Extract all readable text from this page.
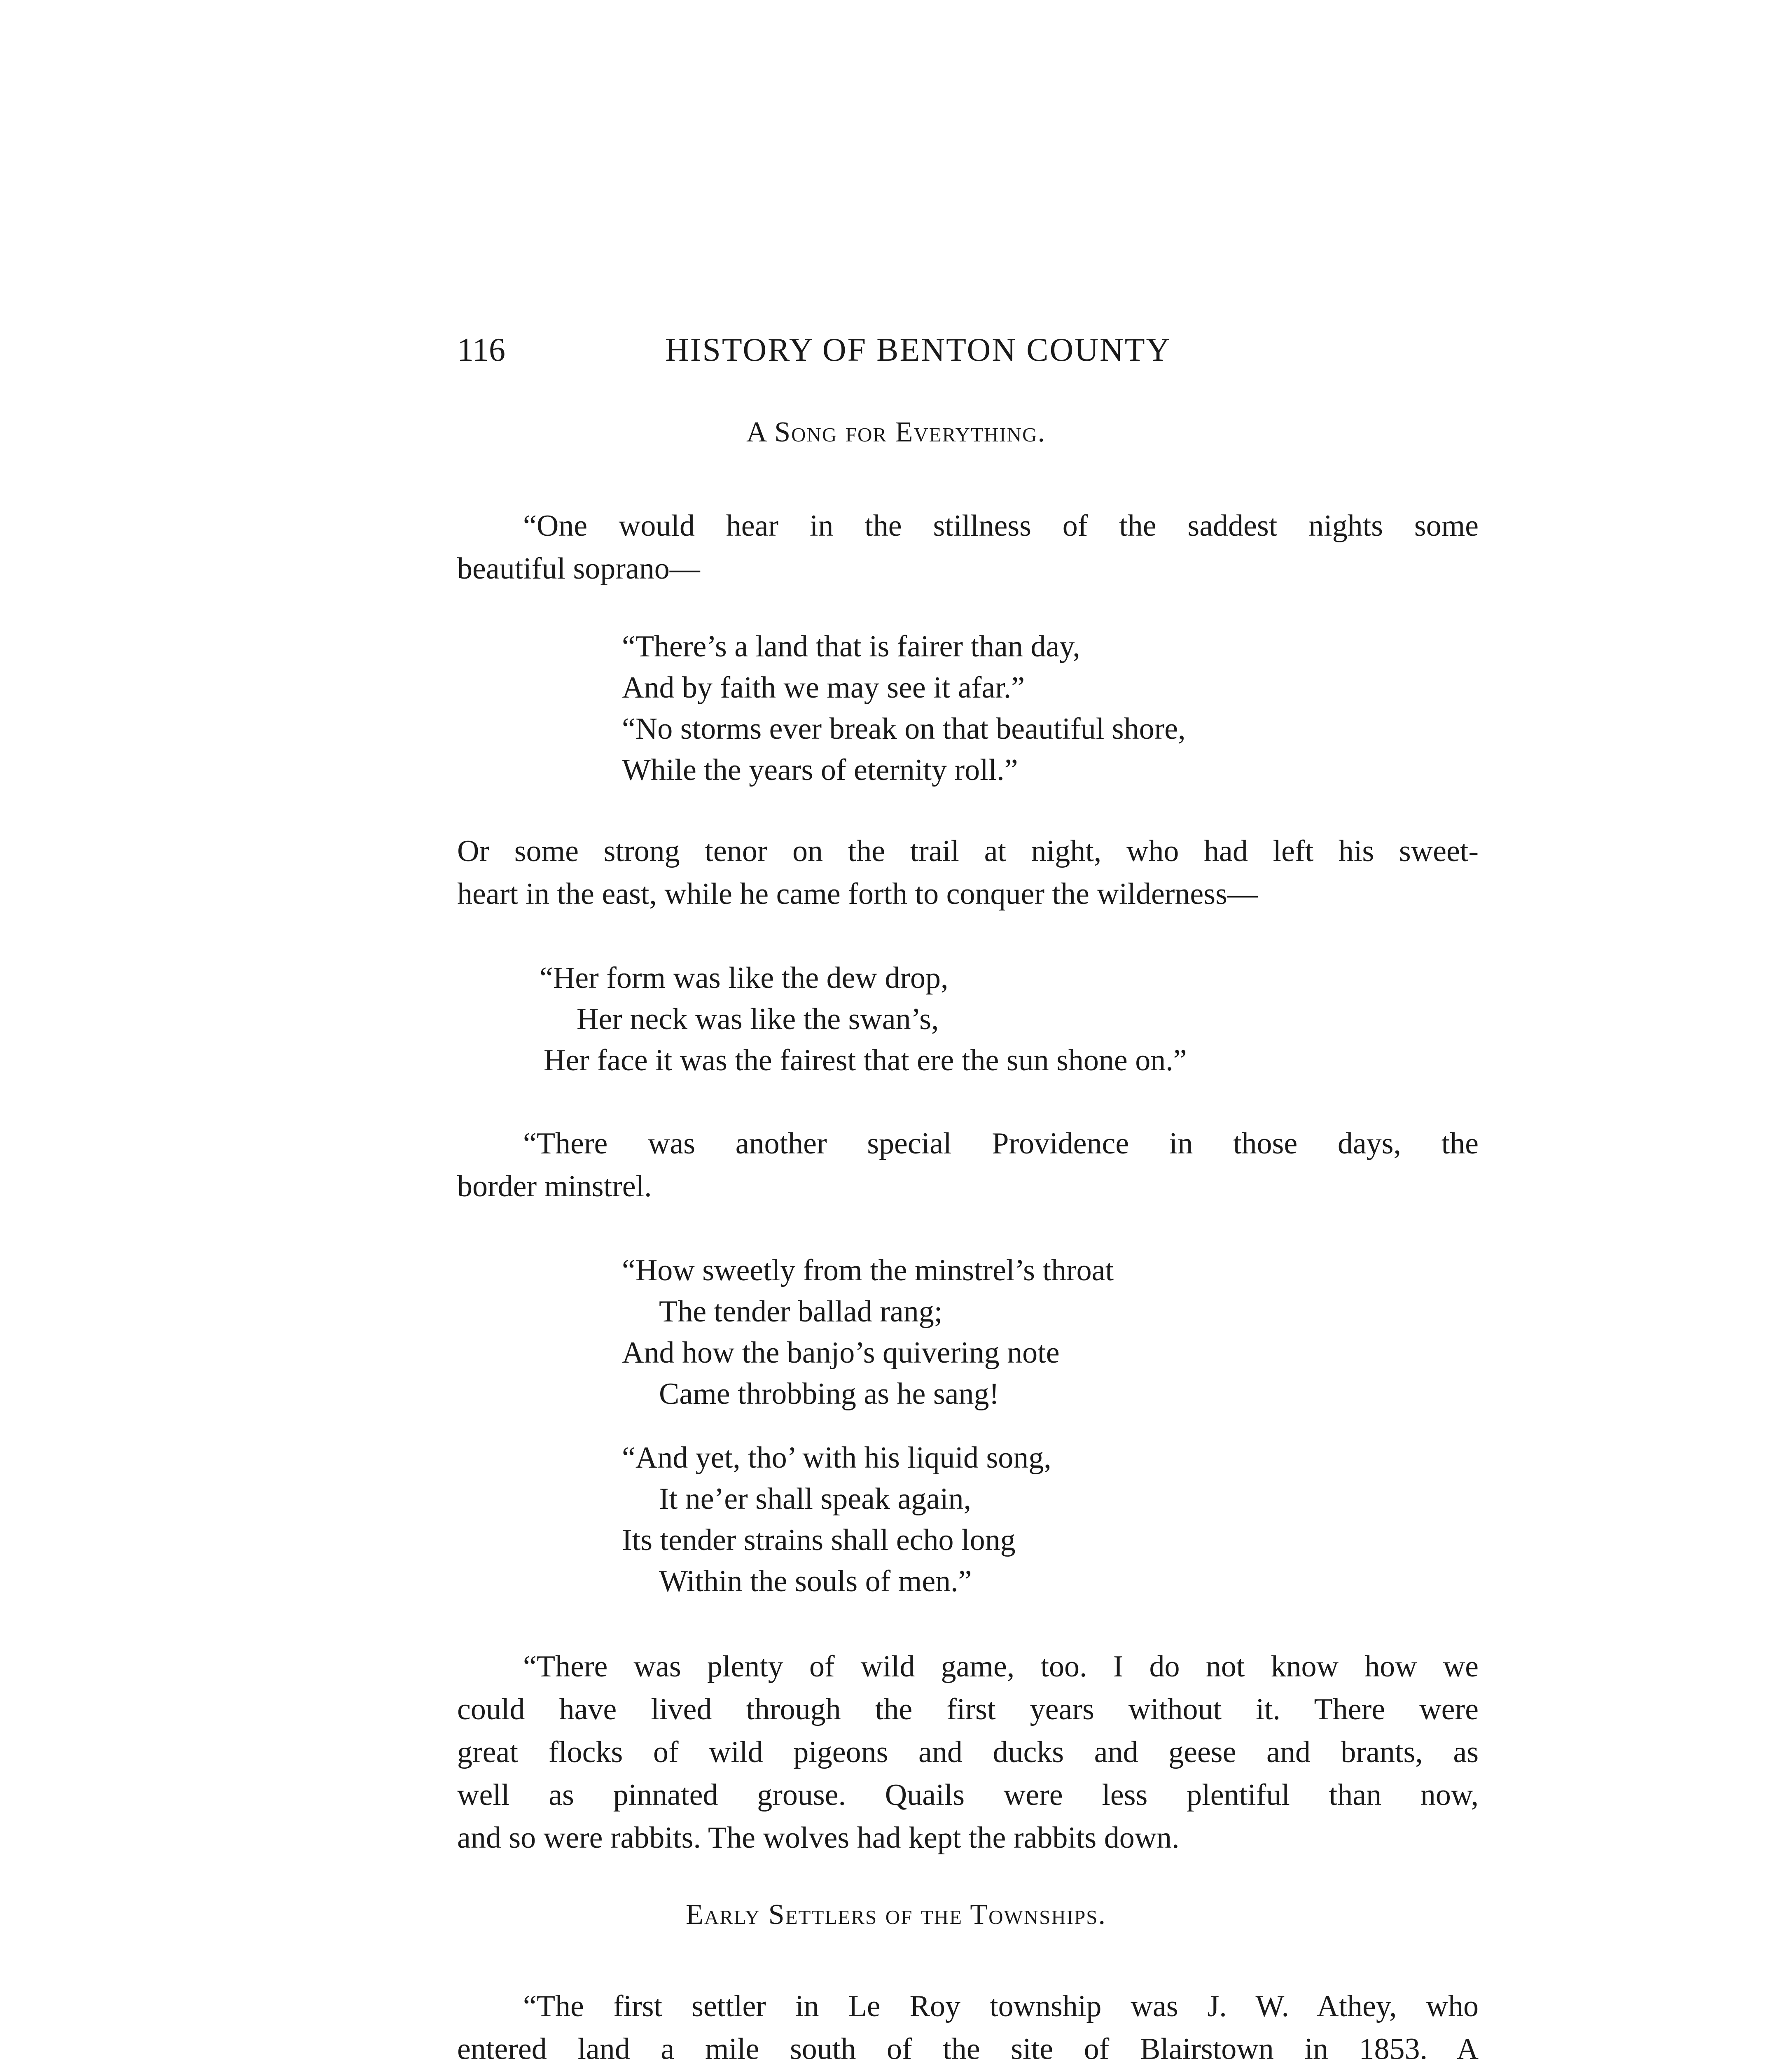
116	HISTORY OF BENTON COUNTY
A Song for Everything.
“One would hear in the stillness of the saddest nights some
beautiful soprano—
“There’s a land that is fairer than day,
And by faith we may see it afar.”
“No storms ever break on that beautiful shore,
While the years of eternity roll.”
Or some strong tenor on the trail at night, who had left his sweet-
heart in the east, while he came forth to conquer the wilderness—
“Her form was like the dew drop,
Her neck was like the swan’s,
Her face it was the fairest that ere the sun shone on.”
“There was another special Providence in those days, the
border minstrel.
“How sweetly from the minstrel’s throat
The tender ballad rang;
And how the banjo’s quivering note
Came throbbing as he sang!
“And yet, tho’ with his liquid song,
It ne’er shall speak again,
Its tender strains shall echo long
Within the souls of men.”
“There was plenty of wild game, too. I do not know how we
could have lived through the first years without it. There were
great flocks of wild pigeons and ducks and geese and brants, as
well as pinnated grouse. Quails were less plentiful than now,
and so were rabbits. The wolves had kept the rabbits down.
Early Settlers of the Townships.
“The first settler in Le Roy township was J. W. Athey, who
entered land a mile south of the site of Blairstown in 1853. A
